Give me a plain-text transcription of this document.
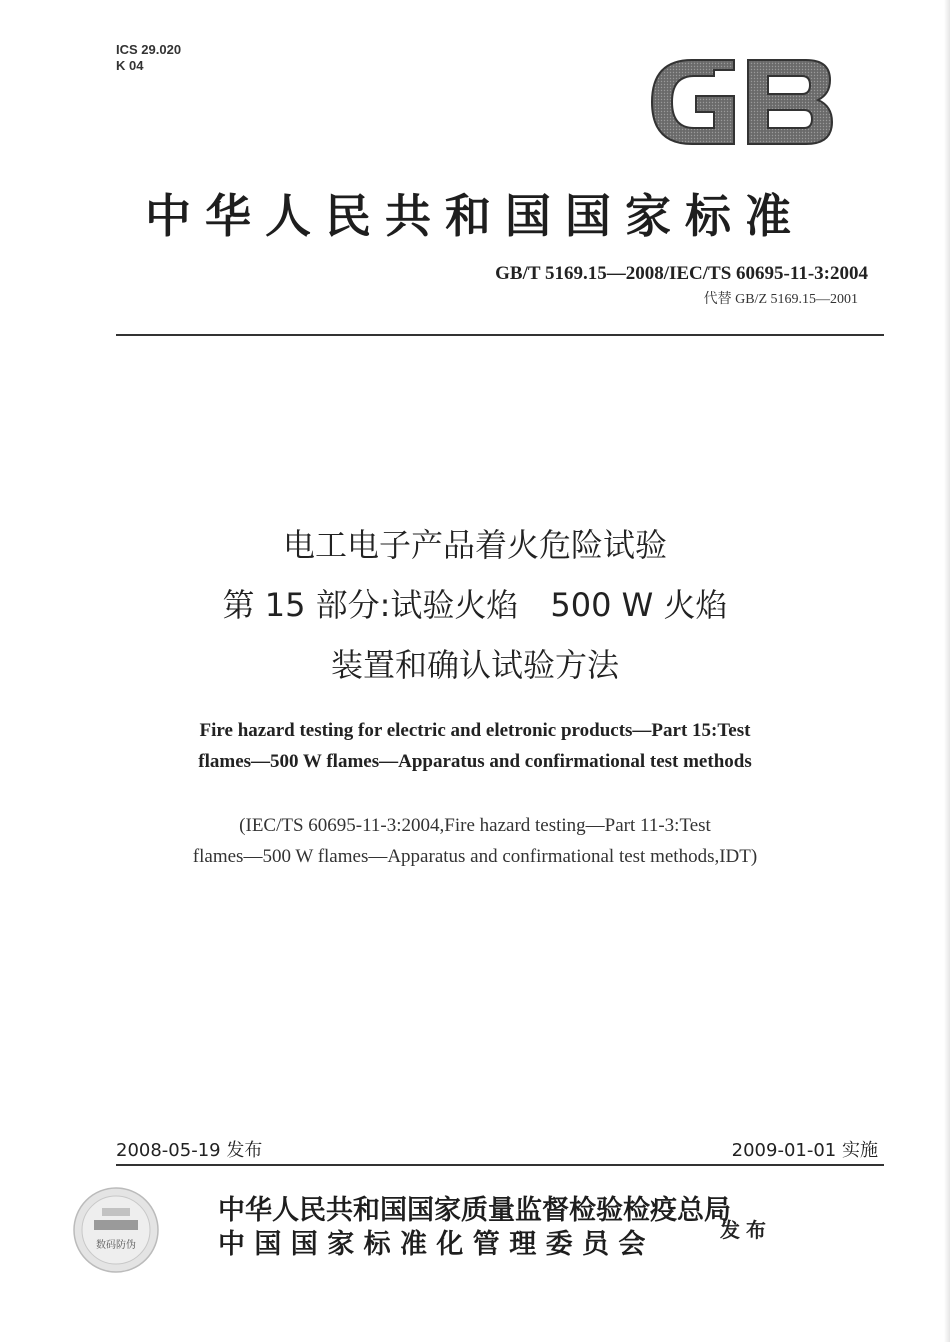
ICS 29.020
K 04
中华人民共和国国家标准
GB/T 5169.15—2008/IEC/TS 60695-11-3:2004
代替 GB/Z 5169.15—2001
电工电子产品着火危险试验
第 15 部分:试验火焰　500 W 火焰
装置和确认试验方法
Fire hazard testing for electric and eletronic products—Part 15:Test
flames—500 W flames—Apparatus and confirmational test methods
(IEC/TS 60695-11-3:2004,Fire hazard testing—Part 11-3:Test
flames—500 W flames—Apparatus and confirmational test methods,IDT)
2008-05-19 发布	2009-01-01 实施
数码防伪
中华人民共和国国家质量监督检验检疫总局
中 国 国 家 标 准 化 管 理 委 员 会	发布
